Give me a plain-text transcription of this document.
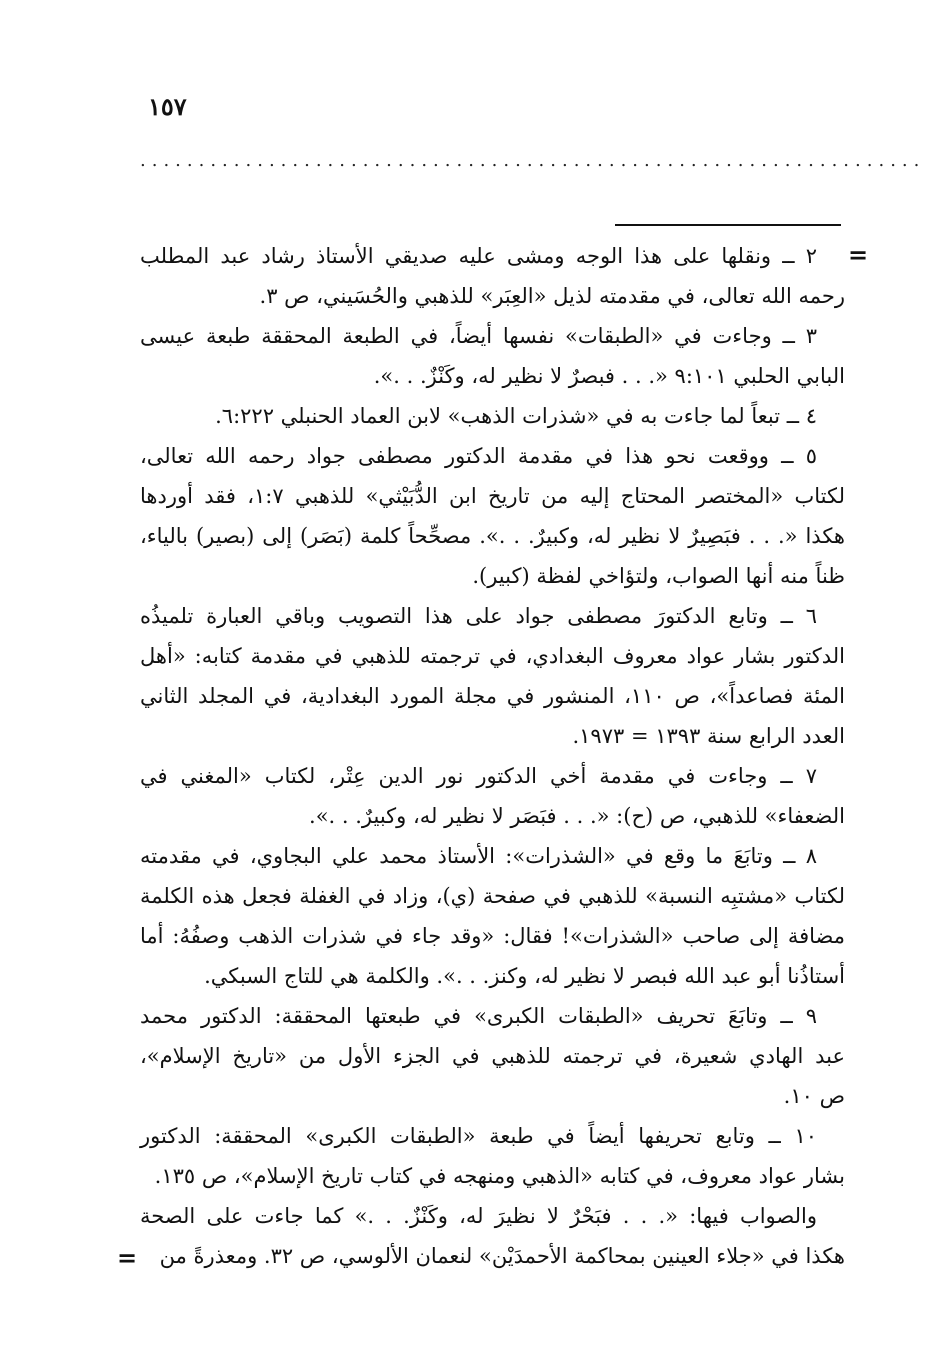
١٥٧
...................................................................
=
=
٢ ــ ونقلها على هذا الوجه ومشى عليه صديقي الأستاذ رشاد عبد المطلب
رحمه الله تعالى، في مقدمته لذيل «العِبَر» للذهبي والحُسَيني، ص ٣.
٣ ــ وجاءت في «الطبقات» نفسها أيضاً، في الطبعة المحققة طبعة عيسى
البابي الحلبي ٩:١٠١ «. . . فبصرٌ لا نظير له، وكَنْزٌ. . .».
٤ ــ تبعاً لما جاءت به في «شذرات الذهب» لابن العماد الحنبلي ٦:٢٢٢.
٥ ــ ووقعت نحو هذا في مقدمة الدكتور مصطفى جواد رحمه الله تعالى،
لكتاب «المختصر المحتاج إليه من تاريخ ابن الدُّبَيْثي» للذهبي ١:٧، فقد أوردها
هكذا «. . . فبَصِيرٌ لا نظير له، وكبيرٌ. . .». مصحِّحاً كلمة (بَصَر) إلى (بصير) بالياء،
ظناً منه أنها الصواب، ولتؤاخي لفظة (كبير).
٦ ــ وتابع الدكتورَ مصطفى جواد على هذا التصويب وباقي العبارة تلميذُه
الدكتور بشار عواد معروف البغدادي، في ترجمته للذهبي في مقدمة كتابه: «أهل
المئة فصاعداً»، ص ١١٠، المنشور في مجلة المورد البغدادية، في المجلد الثاني
العدد الرابع سنة ١٣٩٣ = ١٩٧٣.
٧ ــ وجاءت في مقدمة أخي الدكتور نور الدين عِتْر، لكتاب «المغني في
الضعفاء» للذهبي، ص (ح): «. . . فبَصَر لا نظير له، وكبيرٌ. . .».
٨ ــ وتابَعَ ما وقع في «الشذرات»: الأستاذ محمد علي البجاوي، في مقدمته
لكتاب «مشتبِه النسبة» للذهبي في صفحة (ي)، وزاد في الغفلة فجعل هذه الكلمة
مضافة إلى صاحب «الشذرات»! فقال: «وقد جاء في شذرات الذهب وصفُهُ: أما
أستاذُنا أبو عبد الله فبصر لا نظير له، وكنز. . .». والكلمة هي للتاج السبكي.
٩ ــ وتابَعَ تحريف «الطبقات الكبرى» في طبعتها المحققة: الدكتور محمد
عبد الهادي شعيرة، في ترجمته للذهبي في الجزء الأول من «تاريخ الإسلام»،
ص ١٠.
١٠ ــ وتابع تحريفها أيضاً في طبعة «الطبقات الكبرى» المحققة: الدكتور
بشار عواد معروف، في كتابه «الذهبي ومنهجه في كتاب تاريخ الإسلام»، ص ١٣٥.
والصواب فيها: «. . . فبَحْرٌ لا نظيرَ له، وكَنْزٌ. . .» كما جاءت على الصحة
هكذا في «جلاء العينين بمحاكمة الأحمدَيْن» لنعمان الألوسي، ص ٣٢. ومعذرةً من
